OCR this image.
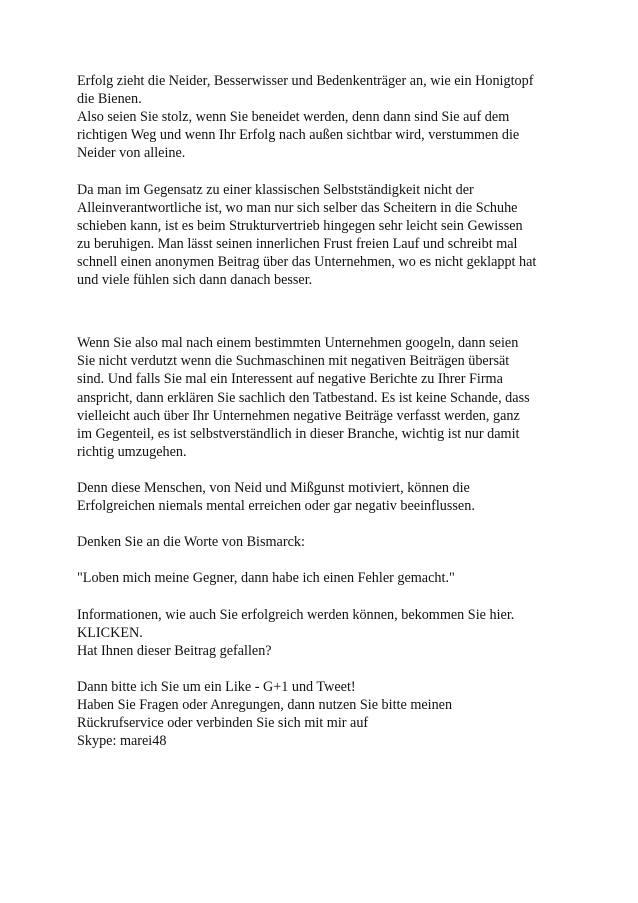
Erfolg zieht die Neider, Besserwisser und Bedenkenträger an, wie ein Honigtopf
die Bienen.
Also seien Sie stolz, wenn Sie beneidet werden, denn dann sind Sie auf dem
richtigen Weg und wenn Ihr Erfolg nach außen sichtbar wird, verstummen die
Neider von alleine.

Da man im Gegensatz zu einer klassischen Selbstständigkeit nicht der
Alleinverantwortliche ist, wo man nur sich selber das Scheitern in die Schuhe
schieben kann, ist es beim Strukturvertrieb hingegen sehr leicht sein Gewissen
zu beruhigen. Man lässt seinen innerlichen Frust freien Lauf und schreibt mal
schnell einen anonymen Beitrag über das Unternehmen, wo es nicht geklappt hat
und viele fühlen sich dann danach besser.

Wenn Sie also mal nach einem bestimmten Unternehmen googeln, dann seien
Sie nicht verdutzt wenn die Suchmaschinen mit negativen Beiträgen übersät
sind. Und falls Sie mal ein Interessent auf negative Berichte zu Ihrer Firma
anspricht, dann erklären Sie sachlich den Tatbestand. Es ist keine Schande, dass
vielleicht auch über Ihr Unternehmen negative Beiträge verfasst werden, ganz
im Gegenteil, es ist selbstverständlich in dieser Branche, wichtig ist nur damit
richtig umzugehen.

Denn diese Menschen, von Neid und Mißgunst motiviert, können die
Erfolgreichen niemals mental erreichen oder gar negativ beeinflussen.

Denken Sie an die Worte von Bismarck:

"Loben mich meine Gegner, dann habe ich einen Fehler gemacht."

Informationen, wie auch Sie erfolgreich werden können, bekommen Sie hier.
KLICKEN.
Hat Ihnen dieser Beitrag gefallen?

Dann bitte ich Sie um ein Like - G+1 und Tweet!
Haben Sie Fragen oder Anregungen, dann nutzen Sie bitte meinen
Rückrufservice oder verbinden Sie sich mit mir auf
Skype: marei48
